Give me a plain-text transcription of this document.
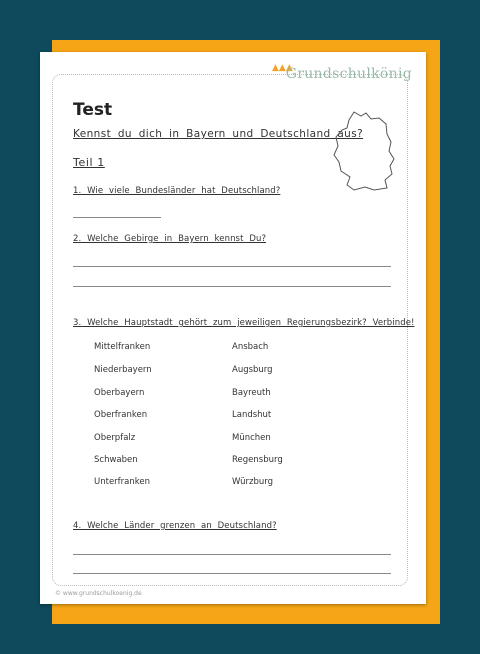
▲▲▲
Grundschulkönig
Test
Kennst du dich in Bayern und Deutschland aus?
Teil 1
1. Wie viele Bundesländer hat Deutschland?
2. Welche Gebirge in Bayern kennst Du?
3. Welche Hauptstadt gehört zum jeweiligen Regierungsbezirk? Verbinde!
Mittelfranken
Niederbayern
Oberbayern
Oberfranken
Oberpfalz
Schwaben
Unterfranken
Ansbach
Augsburg
Bayreuth
Landshut
München
Regensburg
Würzburg
4. Welche Länder grenzen an Deutschland?
© www.grundschulkoenig.de
